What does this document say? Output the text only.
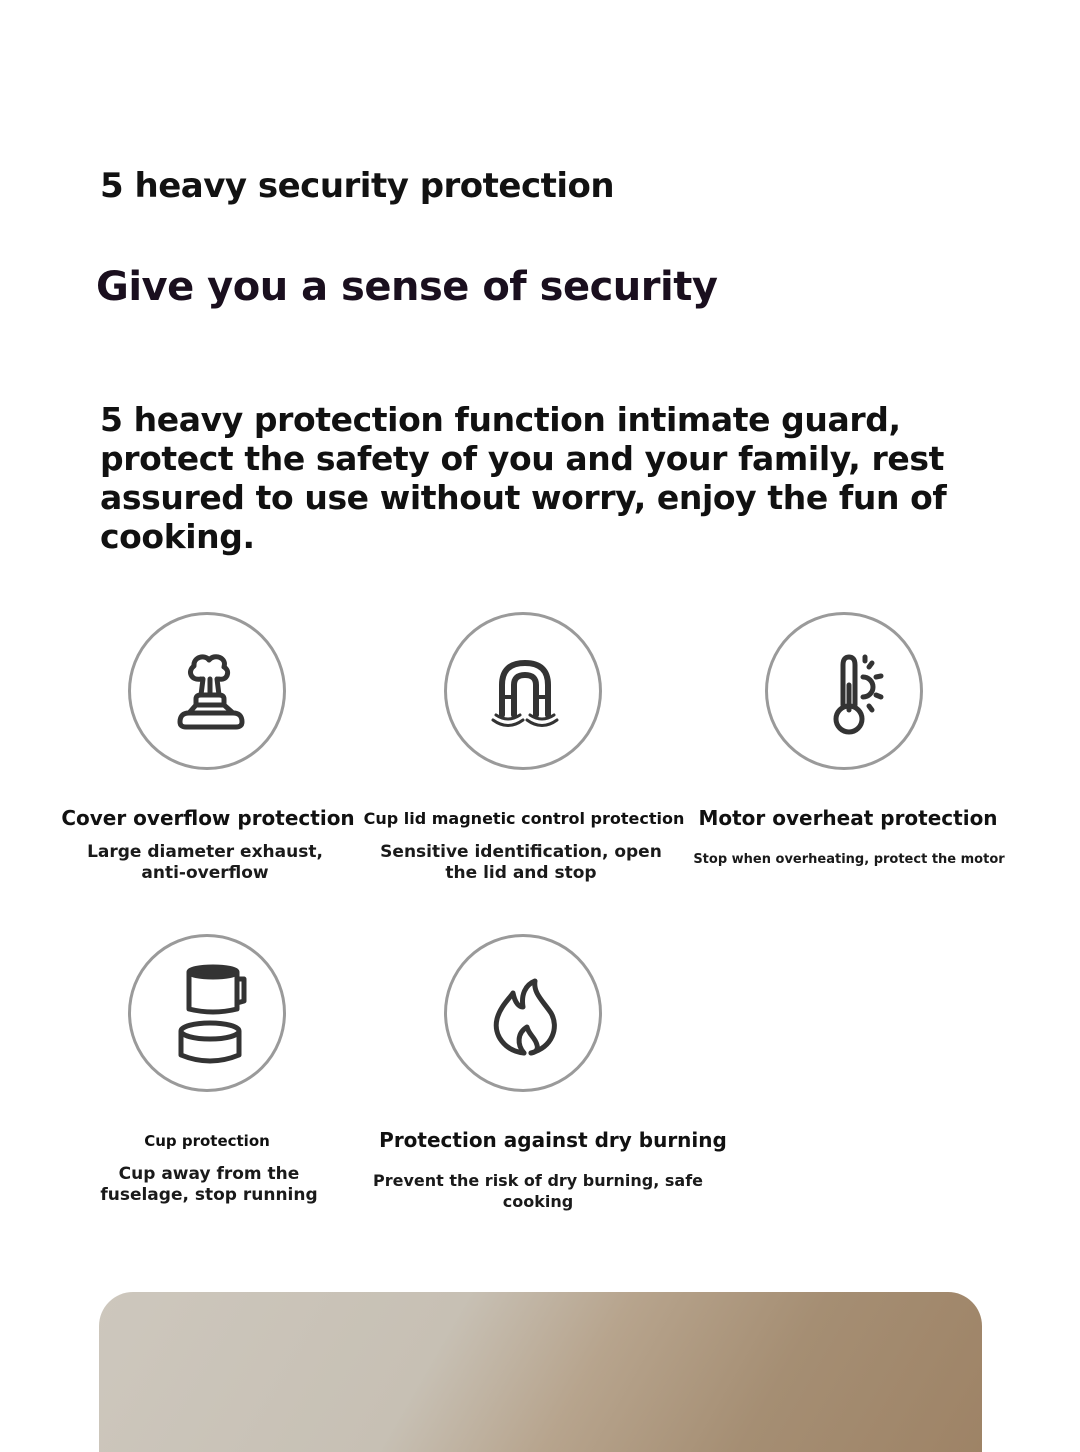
5 heavy security protection
Give you a sense of security

5 heavy protection function intimate guard, protect the safety of you and your family, rest assured to use without worry, enjoy the fun of cooking.

Cover overflow protection
Large diameter exhaust, anti-overflow
Cup lid magnetic control protection
Sensitive identification, open the lid and stop
Motor overheat protection
Stop when overheating, protect the motor
Cup protection
Cup away from the fuselage, stop running
Protection against dry burning
Prevent the risk of dry burning, safe cooking
